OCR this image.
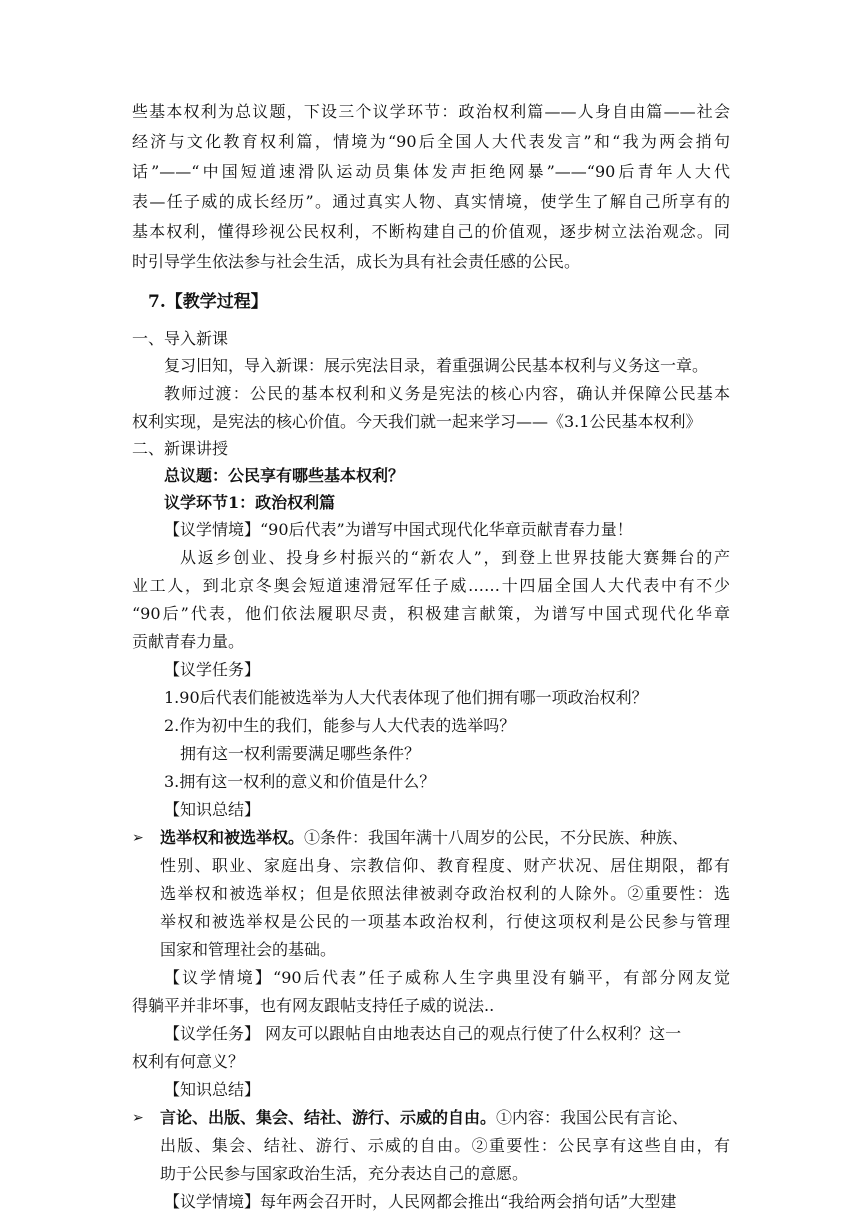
些基本权利为总议题，下设三个议学环节：政治权利篇——人身自由篇——社会
经济与文化教育权利篇，情境为“90后全国人大代表发言”和“我为两会捎句
话”——“中国短道速滑队运动员集体发声拒绝网暴”——“90后青年人大代
表—任子威的成长经历”。通过真实人物、真实情境，使学生了解自己所享有的
基本权利，懂得珍视公民权利，不断构建自己的价值观，逐步树立法治观念。同
时引导学生依法参与社会生活，成长为具有社会责任感的公民。
7.【教学过程】
一、导入新课
复习旧知，导入新课：展示宪法目录，着重强调公民基本权利与义务这一章。
教师过渡：公民的基本权利和义务是宪法的核心内容，确认并保障公民基本
权利实现，是宪法的核心价值。今天我们就一起来学习——《3.1公民基本权利》
二、新课讲授
总议题：公民享有哪些基本权利？
议学环节1：政治权利篇
【议学情境】“90后代表”为谱写中国式现代化华章贡献青春力量！
从返乡创业、投身乡村振兴的“新农人”，到登上世界技能大赛舞台的产
业工人，到北京冬奥会短道速滑冠军任子威……十四届全国人大代表中有不少
“90后”代表，他们依法履职尽责，积极建言献策，为谱写中国式现代化华章
贡献青春力量。
【议学任务】
1.90后代表们能被选举为人大代表体现了他们拥有哪一项政治权利？
2.作为初中生的我们，能参与人大代表的选举吗？
拥有这一权利需要满足哪些条件？
3.拥有这一权利的意义和价值是什么？
【知识总结】
➢ 选举权和被选举权。①条件：我国年满十八周岁的公民，不分民族、种族、
性别、职业、家庭出身、宗教信仰、教育程度、财产状况、居住期限，都有
选举权和被选举权；但是依照法律被剥夺政治权利的人除外。②重要性：选
举权和被选举权是公民的一项基本政治权利，行使这项权利是公民参与管理
国家和管理社会的基础。
【议学情境】“90后代表”任子威称人生字典里没有躺平，有部分网友觉
得躺平并非坏事，也有网友跟帖支持任子威的说法..
【议学任务】 网友可以跟帖自由地表达自己的观点行使了什么权利？这一
权利有何意义？
【知识总结】
➢ 言论、出版、集会、结社、游行、示威的自由。①内容：我国公民有言论、
出版、集会、结社、游行、示威的自由。②重要性：公民享有这些自由，有
助于公民参与国家政治生活，充分表达自己的意愿。
【议学情境】每年两会召开时，人民网都会推出“我给两会捎句话”大型建
